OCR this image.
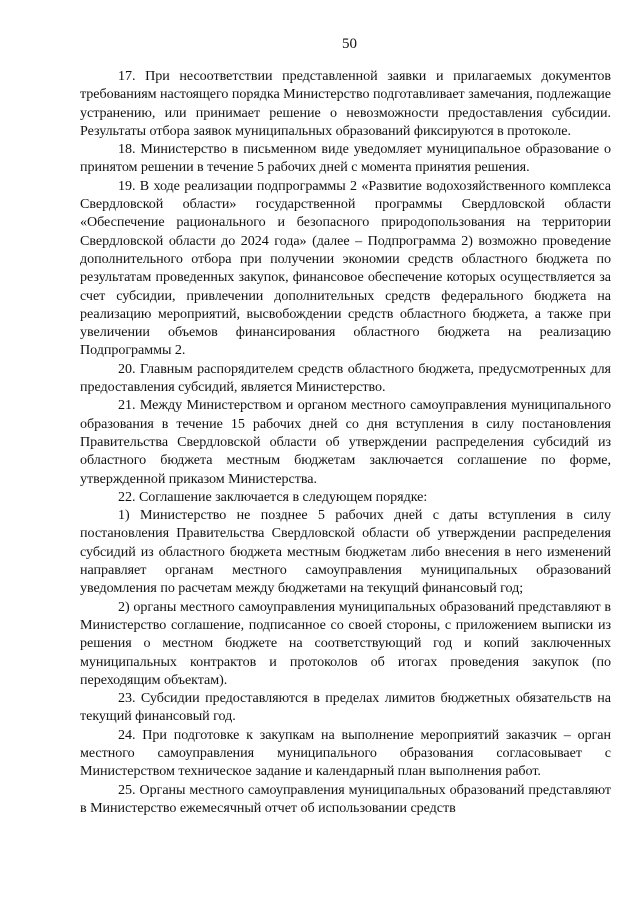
50

17. При несоответствии представленной заявки и прилагаемых документов требованиям настоящего порядка Министерство подготавливает замечания, подлежащие устранению, или принимает решение о невозможности предоставления субсидии. Результаты отбора заявок муниципальных образований фиксируются в протоколе.

18. Министерство в письменном виде уведомляет муниципальное образование о принятом решении в течение 5 рабочих дней с момента принятия решения.

19. В ходе реализации подпрограммы 2 «Развитие водохозяйственного комплекса Свердловской области» государственной программы Свердловской области «Обеспечение рационального и безопасного природопользования на территории Свердловской области до 2024 года» (далее – Подпрограмма 2) возможно проведение дополнительного отбора при получении экономии средств областного бюджета по результатам проведенных закупок, финансовое обеспечение которых осуществляется за счет субсидии, привлечении дополнительных средств федерального бюджета на реализацию мероприятий, высвобождении средств областного бюджета, а также при увеличении объемов финансирования областного бюджета на реализацию Подпрограммы 2.

20. Главным распорядителем средств областного бюджета, предусмотренных для предоставления субсидий, является Министерство.

21. Между Министерством и органом местного самоуправления муниципального образования в течение 15 рабочих дней со дня вступления в силу постановления Правительства Свердловской области об утверждении распределения субсидий из областного бюджета местным бюджетам заключается соглашение по форме, утвержденной приказом Министерства.

22. Соглашение заключается в следующем порядке:

1) Министерство не позднее 5 рабочих дней с даты вступления в силу постановления Правительства Свердловской области об утверждении распределения субсидий из областного бюджета местным бюджетам либо внесения в него изменений направляет органам местного самоуправления муниципальных образований уведомления по расчетам между бюджетами на текущий финансовый год;

2) органы местного самоуправления муниципальных образований представляют в Министерство соглашение, подписанное со своей стороны, с приложением выписки из решения о местном бюджете на соответствующий год и копий заключенных муниципальных контрактов и протоколов об итогах проведения закупок (по переходящим объектам).

23. Субсидии предоставляются в пределах лимитов бюджетных обязательств на текущий финансовый год.

24. При подготовке к закупкам на выполнение мероприятий заказчик – орган местного самоуправления муниципального образования согласовывает с Министерством техническое задание и календарный план выполнения работ.

25. Органы местного самоуправления муниципальных образований представляют в Министерство ежемесячный отчет об использовании средств
